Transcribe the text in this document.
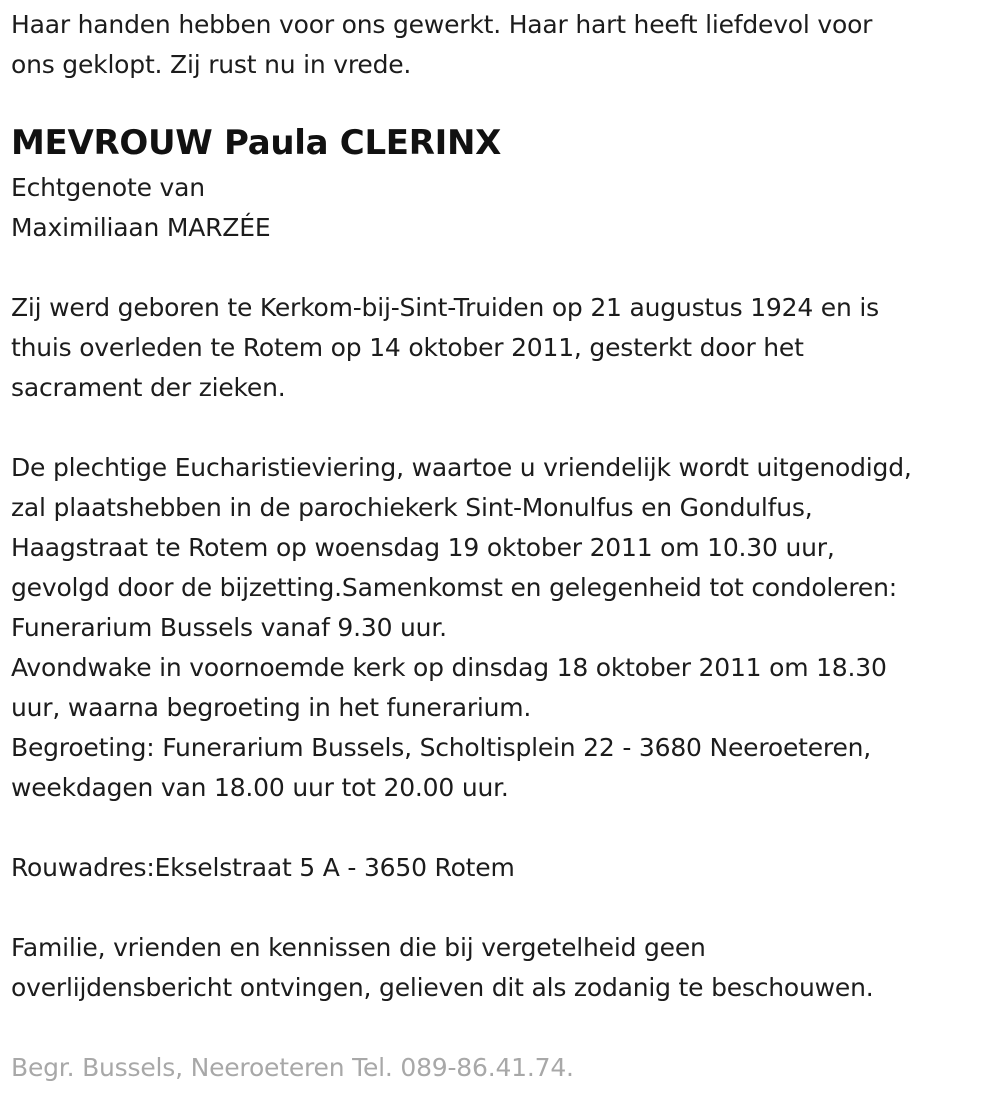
Haar handen hebben voor ons gewerkt. Haar hart heeft liefdevol voor
ons geklopt. Zij rust nu in vrede.
MEVROUW Paula CLERINX
Echtgenote van
Maximiliaan MARZÉE
Zij werd geboren te Kerkom-bij-Sint-Truiden op 21 augustus 1924 en is
thuis overleden te Rotem op 14 oktober 2011, gesterkt door het
sacrament der zieken.
De plechtige Eucharistieviering, waartoe u vriendelijk wordt uitgenodigd,
zal plaatshebben in de parochiekerk Sint-Monulfus en Gondulfus,
Haagstraat te Rotem op woensdag 19 oktober 2011 om 10.30 uur,
gevolgd door de bijzetting.Samenkomst en gelegenheid tot condoleren:
Funerarium Bussels vanaf 9.30 uur.
Avondwake in voornoemde kerk op dinsdag 18 oktober 2011 om 18.30
uur, waarna begroeting in het funerarium.
Begroeting: Funerarium Bussels, Scholtisplein 22 - 3680 Neeroeteren,
weekdagen van 18.00 uur tot 20.00 uur.
Rouwadres:Ekselstraat 5 A - 3650 Rotem
Familie, vrienden en kennissen die bij vergetelheid geen
overlijdensbericht ontvingen, gelieven dit als zodanig te beschouwen.
Begr. Bussels, Neeroeteren Tel. 089-86.41.74.
